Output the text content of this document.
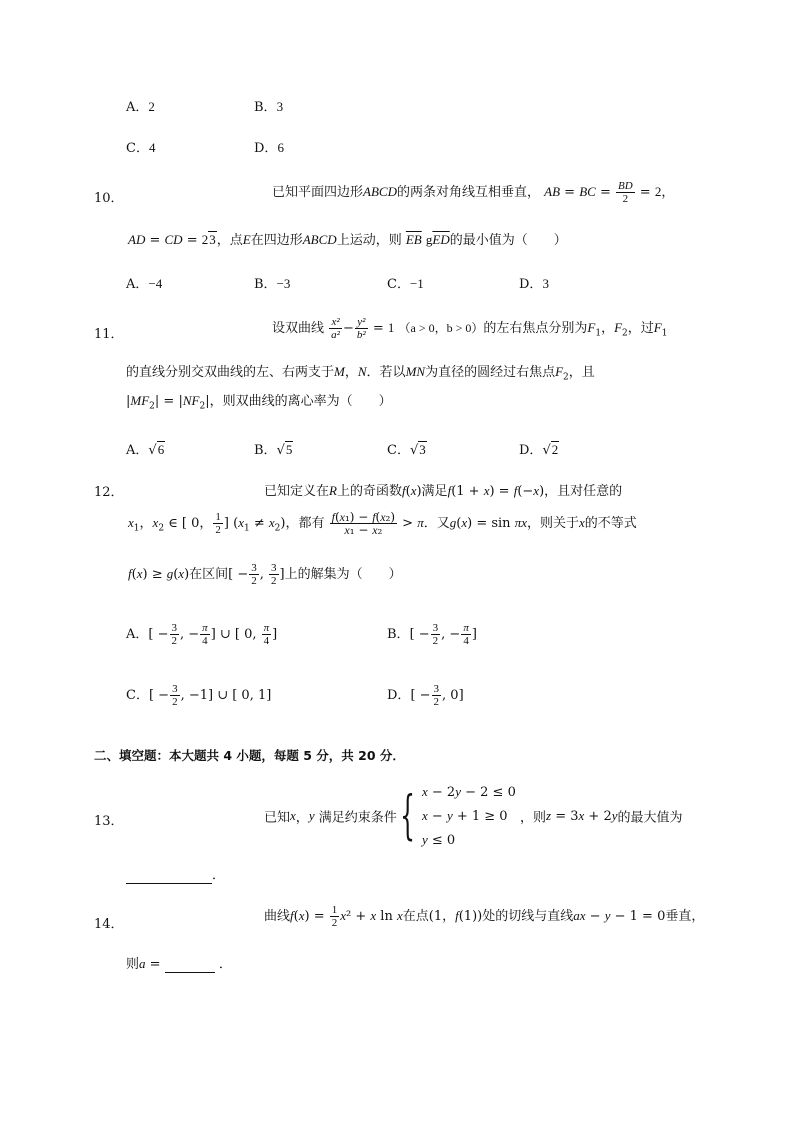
A．2	B．3
C．4	D．6
10．	已知平面四边形ABCD的两条对角线互相垂直， AB = BC = $\frac{BD}{2} = 2$，
AD = CD = 23，点E在四边形ABCD上运动，则 $\overline{EB}$ $g\overline{ED}$的最小值为（　　）
A．−4	B．−3	C．−1	D．3
11．	设双曲线 $\frac{\text{x²}}{\text{a²}} - \frac{\text{y²}}{\text{b²}} = 1$ （a > 0，b > 0）的左右焦点分别为$F_1$，$F_2$，过$F_1$
的直线分别交双曲线的左、右两支于M，N．若以MN为直径的圆经过右焦点$F_2$，且
$|MF_2| = |NF_2|$，则双曲线的离心率为（　　）
A．√6	B．√5	C．√3	D．√2
12．	已知定义在R上的奇函数f(x)满足f(1 + x) = f(−x)，且对任意的
$x_1$，$x_2$ ∈ [ 0， $\frac{1}{2}$ ] $(x_1 \ne x_2)$，都有 $\frac{\text{f(x₁) − f(x₂)}}{\text{x₁ − x₂}} > \pi$．又g(x) = sin πx，则关于x的不等式
f(x) ≥ g(x)在区间[ − $\frac{3}{2}$ , $\frac{3}{2}$ ]上的解集为（　　）
A．[ − $\frac{3}{2}$ , − $\frac{\pi}{4}$ ] ∪ [ 0, $\frac{\pi}{4}$ ]	B．[ − $\frac{3}{2}$ , − $\frac{\pi}{4}$ ]
C．[ − $\frac{3}{2}$ , −1] ∪ [ 0, 1]	D．[ − $\frac{3}{2}$ , 0]
二、填空题：本大题共 4 小题，每题 5 分，共 20 分．
13．	已知x，y 满足约束条件{ x − 2y − 2 ≤ 0
x − y + 1 ≥ 0
y ≤ 0
，则z = 3x + 2y的最大值为
．
14．
曲线$f(x) = \frac{1}{2} x^2 + x$ ln x在点(1，f(1))处的切线与直线ax − y − 1 = 0垂直，
则a =	．
